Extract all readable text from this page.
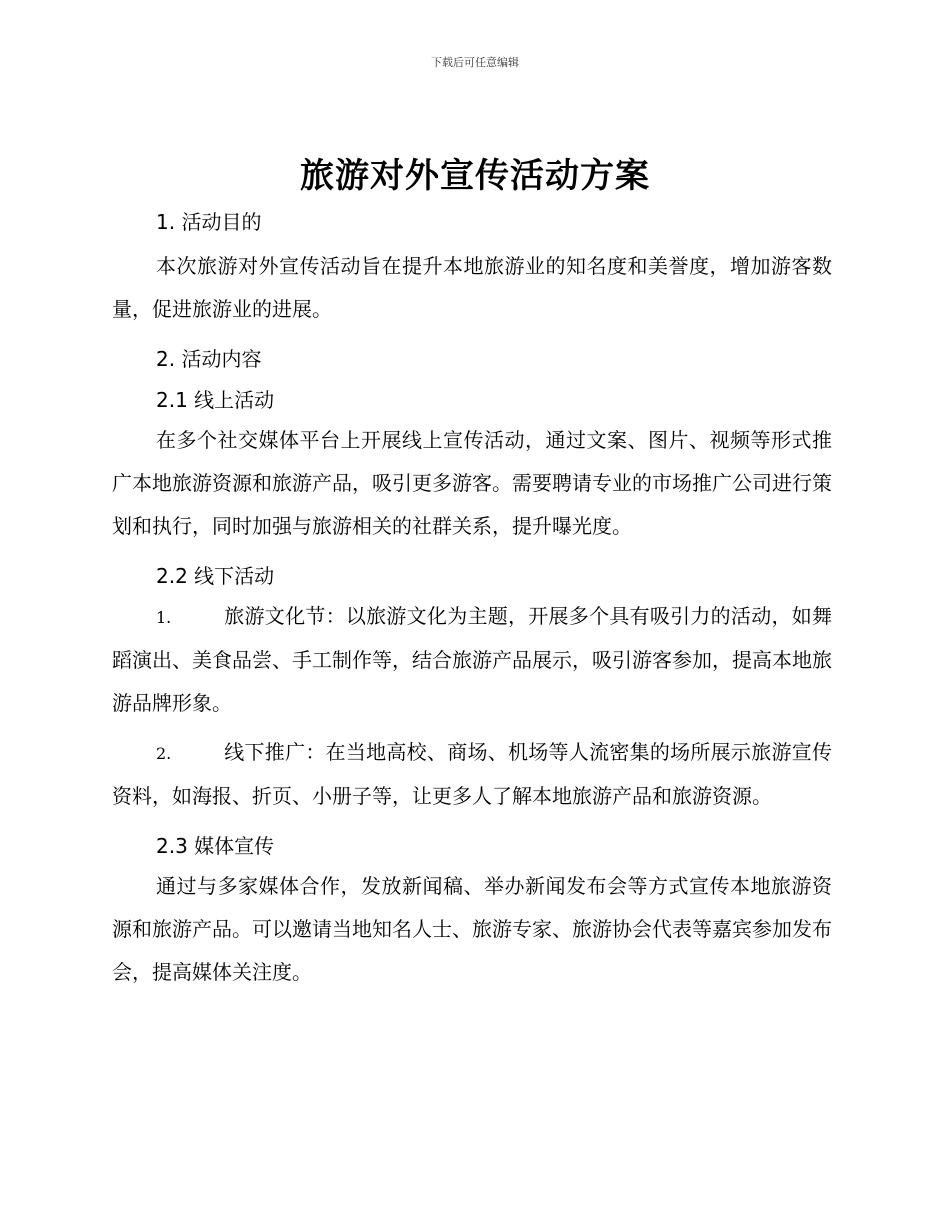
下载后可任意编辑
旅游对外宣传活动方案
1. 活动目的

本次旅游对外宣传活动旨在提升本地旅游业的知名度和美誉度，增加游客数量，促进旅游业的进展。

2. 活动内容
2.1 线上活动

在多个社交媒体平台上开展线上宣传活动，通过文案、图片、视频等形式推广本地旅游资源和旅游产品，吸引更多游客。需要聘请专业的市场推广公司进行策划和执行，同时加强与旅游相关的社群关系，提升曝光度。

2.2 线下活动
1.	旅游文化节：以旅游文化为主题，开展多个具有吸引力的活动，如舞蹈演出、美食品尝、手工制作等，结合旅游产品展示，吸引游客参加，提高本地旅游品牌形象。
2.	线下推广：在当地高校、商场、机场等人流密集的场所展示旅游宣传资料，如海报、折页、小册子等，让更多人了解本地旅游产品和旅游资源。
2.3 媒体宣传

通过与多家媒体合作，发放新闻稿、举办新闻发布会等方式宣传本地旅游资源和旅游产品。可以邀请当地知名人士、旅游专家、旅游协会代表等嘉宾参加发布会，提高媒体关注度。
